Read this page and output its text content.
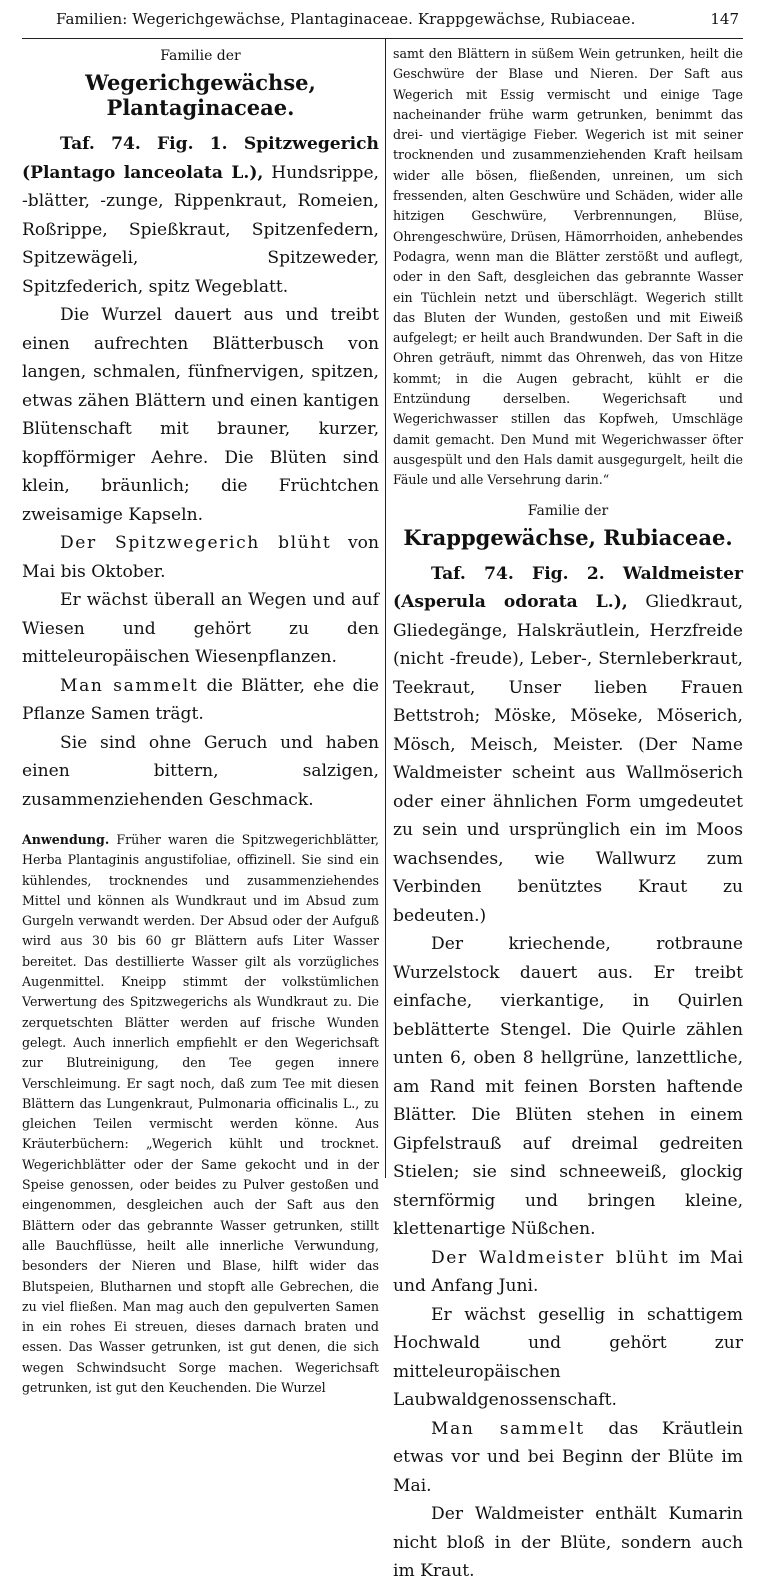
Familien: Wegerichgewächse, Plantaginaceae. Krappgewächse, Rubiaceae.	147

Familie der

Wegerichgewächse, Plantaginaceae.

Taf. 74. Fig. 1. Spitzwegerich (Plantago lanceolata L.), Hundsrippe, -blätter, -zunge, Rippenkraut, Romeien, Roßrippe, Spießkraut, Spitzenfedern, Spitzewägeli, Spitzeweder, Spitzfederich, spitz Wegeblatt.

Die Wurzel dauert aus und treibt einen aufrechten Blätterbusch von langen, schmalen, fünfnervigen, spitzen, etwas zähen Blättern und einen kantigen Blütenschaft mit brauner, kurzer, kopfförmiger Aehre. Die Blüten sind klein, bräunlich; die Früchtchen zweisamige Kapseln.

Der Spitzwegerich blüht von Mai bis Oktober.

Er wächst überall an Wegen und auf Wiesen und gehört zu den mitteleuropäischen Wiesenpflanzen.

Man sammelt die Blätter, ehe die Pflanze Samen trägt.

Sie sind ohne Geruch und haben einen bittern, salzigen, zusammenziehenden Geschmack.

Anwendung. Früher waren die Spitzwegerichblätter, Herba Plantaginis angustifoliae, offizinell. Sie sind ein kühlendes, trocknendes und zusammenziehendes Mittel und können als Wundkraut und im Absud zum Gurgeln verwandt werden. Der Absud oder der Aufguß wird aus 30 bis 60 gr Blättern aufs Liter Wasser bereitet. Das destillierte Wasser gilt als vorzügliches Augenmittel. Kneipp stimmt der volkstümlichen Verwertung des Spitzwegerichs als Wundkraut zu. Die zerquetschten Blätter werden auf frische Wunden gelegt. Auch innerlich empfiehlt er den Wegerichsaft zur Blutreinigung, den Tee gegen innere Verschleimung. Er sagt noch, daß zum Tee mit diesen Blättern das Lungenkraut, Pulmonaria officinalis L., zu gleichen Teilen vermischt werden könne. Aus Kräuterbüchern: „Wegerich kühlt und trocknet. Wegerichblätter oder der Same gekocht und in der Speise genossen, oder beides zu Pulver gestoßen und eingenommen, desgleichen auch der Saft aus den Blättern oder das gebrannte Wasser getrunken, stillt alle Bauchflüsse, heilt alle innerliche Verwundung, besonders der Nieren und Blase, hilft wider das Blutspeien, Blutharnen und stopft alle Gebrechen, die zu viel fließen. Man mag auch den gepulverten Samen in ein rohes Ei streuen, dieses darnach braten und essen. Das Wasser getrunken, ist gut denen, die sich wegen Schwindsucht Sorge machen. Wegerichsaft getrunken, ist gut den Keuchenden. Die Wurzel

samt den Blättern in süßem Wein getrunken, heilt die Geschwüre der Blase und Nieren. Der Saft aus Wegerich mit Essig vermischt und einige Tage nacheinander frühe warm getrunken, benimmt das drei- und viertägige Fieber. Wegerich ist mit seiner trocknenden und zusammenziehenden Kraft heilsam wider alle bösen, fließenden, unreinen, um sich fressenden, alten Geschwüre und Schäden, wider alle hitzigen Geschwüre, Verbrennungen, Blüse, Ohrengeschwüre, Drüsen, Hämorrhoiden, anhebendes Podagra, wenn man die Blätter zerstößt und auflegt, oder in den Saft, desgleichen das gebrannte Wasser ein Tüchlein netzt und überschlägt. Wegerich stillt das Bluten der Wunden, gestoßen und mit Eiweiß aufgelegt; er heilt auch Brandwunden. Der Saft in die Ohren geträuft, nimmt das Ohrenweh, das von Hitze kommt; in die Augen gebracht, kühlt er die Entzündung derselben. Wegerichsaft und Wegerichwasser stillen das Kopfweh, Umschläge damit gemacht. Den Mund mit Wegerichwasser öfter ausgespült und den Hals damit ausgegurgelt, heilt die Fäule und alle Versehrung darin.“

Familie der

Krappgewächse, Rubiaceae.

Taf. 74. Fig. 2. Waldmeister (Asperula odorata L.), Gliedkraut, Gliedegänge, Halskräutlein, Herzfreide (nicht -freude), Leber-, Sternleberkraut, Teekraut, Unser lieben Frauen Bettstroh; Möske, Möseke, Möserich, Mösch, Meisch, Meister. (Der Name Waldmeister scheint aus Wallmöserich oder einer ähnlichen Form umgedeutet zu sein und ursprünglich ein im Moos wachsendes, wie Wallwurz zum Verbinden benütztes Kraut zu bedeuten.)

Der kriechende, rotbraune Wurzelstock dauert aus. Er treibt einfache, vierkantige, in Quirlen beblätterte Stengel. Die Quirle zählen unten 6, oben 8 hellgrüne, lanzettliche, am Rand mit feinen Borsten haftende Blätter. Die Blüten stehen in einem Gipfelstrauß auf dreimal gedreiten Stielen; sie sind schneeweiß, glockig sternförmig und bringen kleine, klettenartige Nüßchen.

Der Waldmeister blüht im Mai und Anfang Juni.

Er wächst gesellig in schattigem Hochwald und gehört zur mitteleuropäischen Laubwaldgenossenschaft.

Man sammelt das Kräutlein etwas vor und bei Beginn der Blüte im Mai.

Der Waldmeister enthält Kumarin nicht bloß in der Blüte, sondern auch im Kraut.
